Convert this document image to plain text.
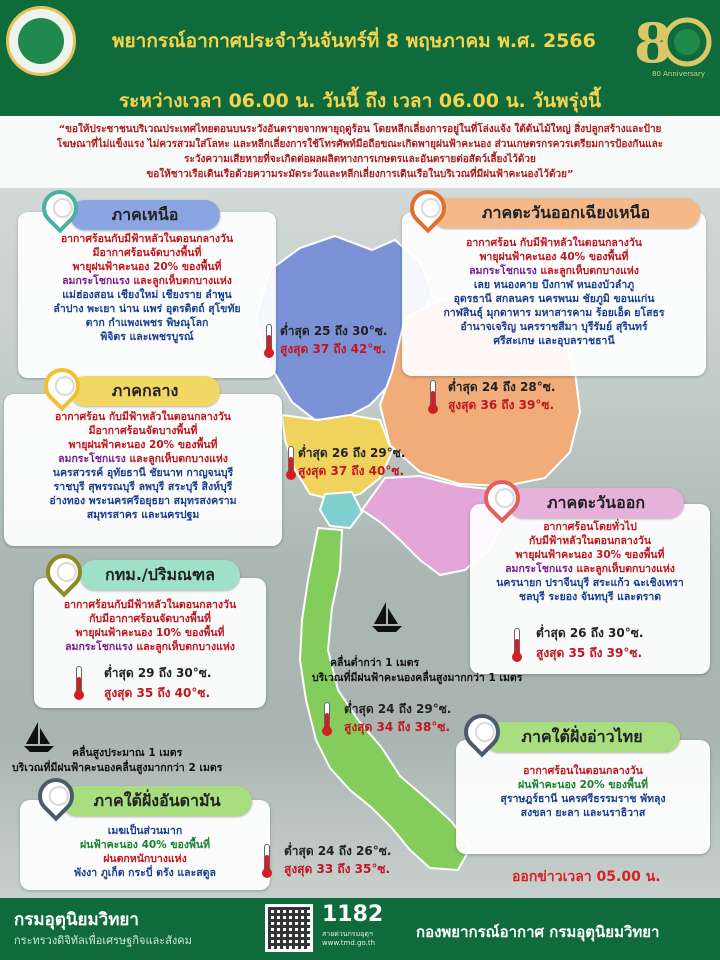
พยากรณ์อากาศประจำวันจันทร์ที่ 8 พฤษภาคม พ.ศ. 2566 8
80 Anniversary
ระหว่างเวลา 06.00 น. วันนี้ ถึง เวลา 06.00 น. วันพรุ่งนี้
“ขอให้ประชาชนบริเวณประเทศไทยตอนบนระวังอันตรายจากพายุฤดูร้อน โดยหลีกเลี่ยงการอยู่ในที่โล่งแจ้ง ใต้ต้นไม้ใหญ่ สิ่งปลูกสร้างและป้าย
โฆษณาที่ไม่แข็งแรง ไม่ควรสวมใส่โลหะ และหลีกเลี่ยงการใช้โทรศัพท์มือถือขณะเกิดพายุฝนฟ้าคะนอง ส่วนเกษตรกรควรเตรียมการป้องกันและ
ระวังความเสียหายที่จะเกิดต่อผลผลิตทางการเกษตรและอันตรายต่อสัตว์เลี้ยงไว้ด้วย
ขอให้ชาวเรือเดินเรือด้วยความระมัดระวังและหลีกเลี่ยงการเดินเรือในบริเวณที่มีฝนฟ้าคะนองไว้ด้วย”
อากาศร้อนกับมีฟ้าหลัวในตอนกลางวัน
มีอากาศร้อนจัดบางพื้นที่
พายุฝนฟ้าคะนอง 20% ของพื้นที่
ลมกระโชกแรง และลูกเห็บตกบางแห่ง
แม่ฮ่องสอน เชียงใหม่ เชียงราย ลำพูน
ลำปาง พะเยา น่าน แพร่ อุตรดิตถ์ สุโขทัย
ตาก กำแพงเพชร พิษณุโลก
พิจิตร และเพชรบูรณ์
ภาคเหนือ
ต่ำสุด 25 ถึง 30°ซ.
สูงสุด 37 ถึง 42°ซ.
อากาศร้อน กับมีฟ้าหลัวในตอนกลางวัน
พายุฝนฟ้าคะนอง 40% ของพื้นที่
ลมกระโชกแรง และลูกเห็บตกบางแห่ง
เลย หนองคาย บึงกาฬ หนองบัวลำภู
อุดรธานี สกลนคร นครพนม ชัยภูมิ ขอนแก่น
กาฬสินธุ์ มุกดาหาร มหาสารคาม ร้อยเอ็ด ยโสธร
อำนาจเจริญ นครราชสีมา บุรีรัมย์ สุรินทร์
ศรีสะเกษ และอุบลราชธานี
ภาคตะวันออกเฉียงเหนือ
ต่ำสุด 24 ถึง 28°ซ.
สูงสุด 36 ถึง 39°ซ.
อากาศร้อน กับมีฟ้าหลัวในตอนกลางวัน
มีอากาศร้อนจัดบางพื้นที่
พายุฝนฟ้าคะนอง 20% ของพื้นที่
ลมกระโชกแรง และลูกเห็บตกบางแห่ง
นครสวรรค์ อุทัยธานี ชัยนาท กาญจนบุรี
ราชบุรี สุพรรณบุรี ลพบุรี สระบุรี สิงห์บุรี
อ่างทอง พระนครศรีอยุธยา สมุทรสงคราม
สมุทรสาคร และนครปฐม
ภาคกลาง
ต่ำสุด 26 ถึง 29°ซ.
สูงสุด 37 ถึง 40°ซ.
อากาศร้อนโดยทั่วไป
กับมีฟ้าหลัวในตอนกลางวัน
พายุฝนฟ้าคะนอง 30% ของพื้นที่
ลมกระโชกแรง และลูกเห็บตกบางแห่ง
นครนายก ปราจีนบุรี สระแก้ว ฉะเชิงเทรา
ชลบุรี ระยอง จันทบุรี และตราด
ต่ำสุด 26 ถึง 30°ซ.
สูงสุด 35 ถึง 39°ซ.
ภาคตะวันออก
อากาศร้อนกับมีฟ้าหลัวในตอนกลางวัน
กับมีอากาศร้อนจัดบางพื้นที่
พายุฝนฟ้าคะนอง 10% ของพื้นที่
ลมกระโชกแรง และลูกเห็บตกบางแห่ง
ต่ำสุด 29 ถึง 30°ซ.
สูงสุด 35 ถึง 40°ซ.
กทม./ปริมณฑล
คลื่นต่ำกว่า 1 เมตร
บริเวณที่มีฝนฟ้าคะนองคลื่นสูงมากกว่า 1 เมตร
ต่ำสุด 24 ถึง 29°ซ.
สูงสุด 34 ถึง 38°ซ.
คลื่นสูงประมาณ 1 เมตร
บริเวณที่มีฝนฟ้าคะนองคลื่นสูงมากกว่า 2 เมตร	อากาศร้อนในตอนกลางวัน
ฝนฟ้าคะนอง 20% ของพื้นที่
สุราษฎร์ธานี นครศรีธรรมราช พัทลุง
สงขลา ยะลา และนราธิวาส
ภาคใต้ฝั่งอ่าวไทย
เมฆเป็นส่วนมาก
ฝนฟ้าคะนอง 40% ของพื้นที่
ฝนตกหนักบางแห่ง
พังงา ภูเก็ต กระบี่ ตรัง และสตูล
ภาคใต้ฝั่งอันดามัน
ต่ำสุด 24 ถึง 26°ซ.
สูงสุด 33 ถึง 35°ซ.	ออกข่าวเวลา 05.00 น.
กรมอุตุนิยมวิทยา
กระทรวงดิจิทัลเพื่อเศรษฐกิจและสังคม
1182
สายด่วนกรมอุตุฯ
www.tmd.go.th
กองพยากรณ์อากาศ กรมอุตุนิยมวิทยา
